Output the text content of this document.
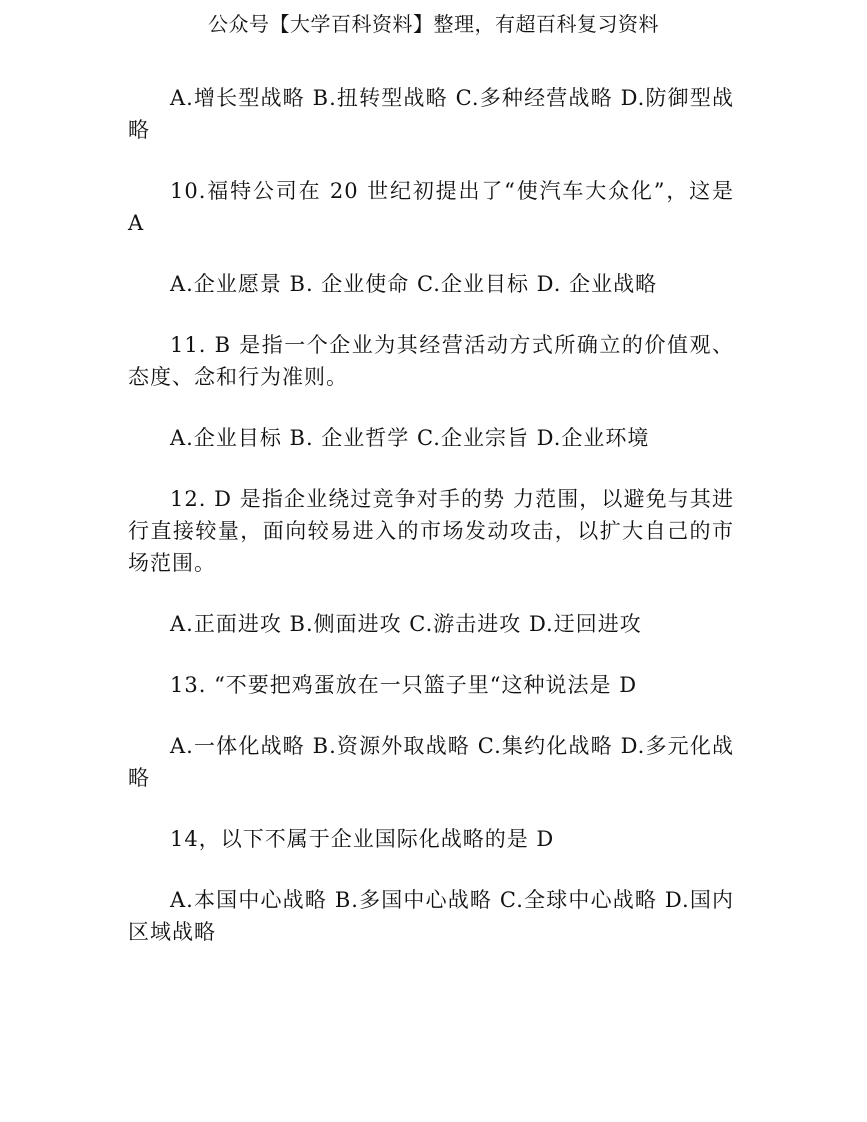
公众号【大学百科资料】整理，有超百科复习资料

A.增长型战略 B.扭转型战略 C.多种经营战略 D.防御型战略

10.福特公司在 20 世纪初提出了“使汽车大众化”，这是 A

A.企业愿景 B. 企业使命 C.企业目标 D. 企业战略

11. B 是指一个企业为其经营活动方式所确立的价值观、态度、念和行为准则。

A.企业目标 B. 企业哲学 C.企业宗旨 D.企业环境

12. D 是指企业绕过竞争对手的势 力范围，以避免与其进行直接较量，面向较易进入的市场发动攻击，以扩大自己的市场范围。

A.正面进攻 B.侧面进攻 C.游击进攻 D.迂回进攻

13. “不要把鸡蛋放在一只篮子里“这种说法是 D

A.一体化战略 B.资源外取战略 C.集约化战略 D.多元化战略

14，以下不属于企业国际化战略的是 D

A.本国中心战略 B.多国中心战略 C.全球中心战略 D.国内区域战略
